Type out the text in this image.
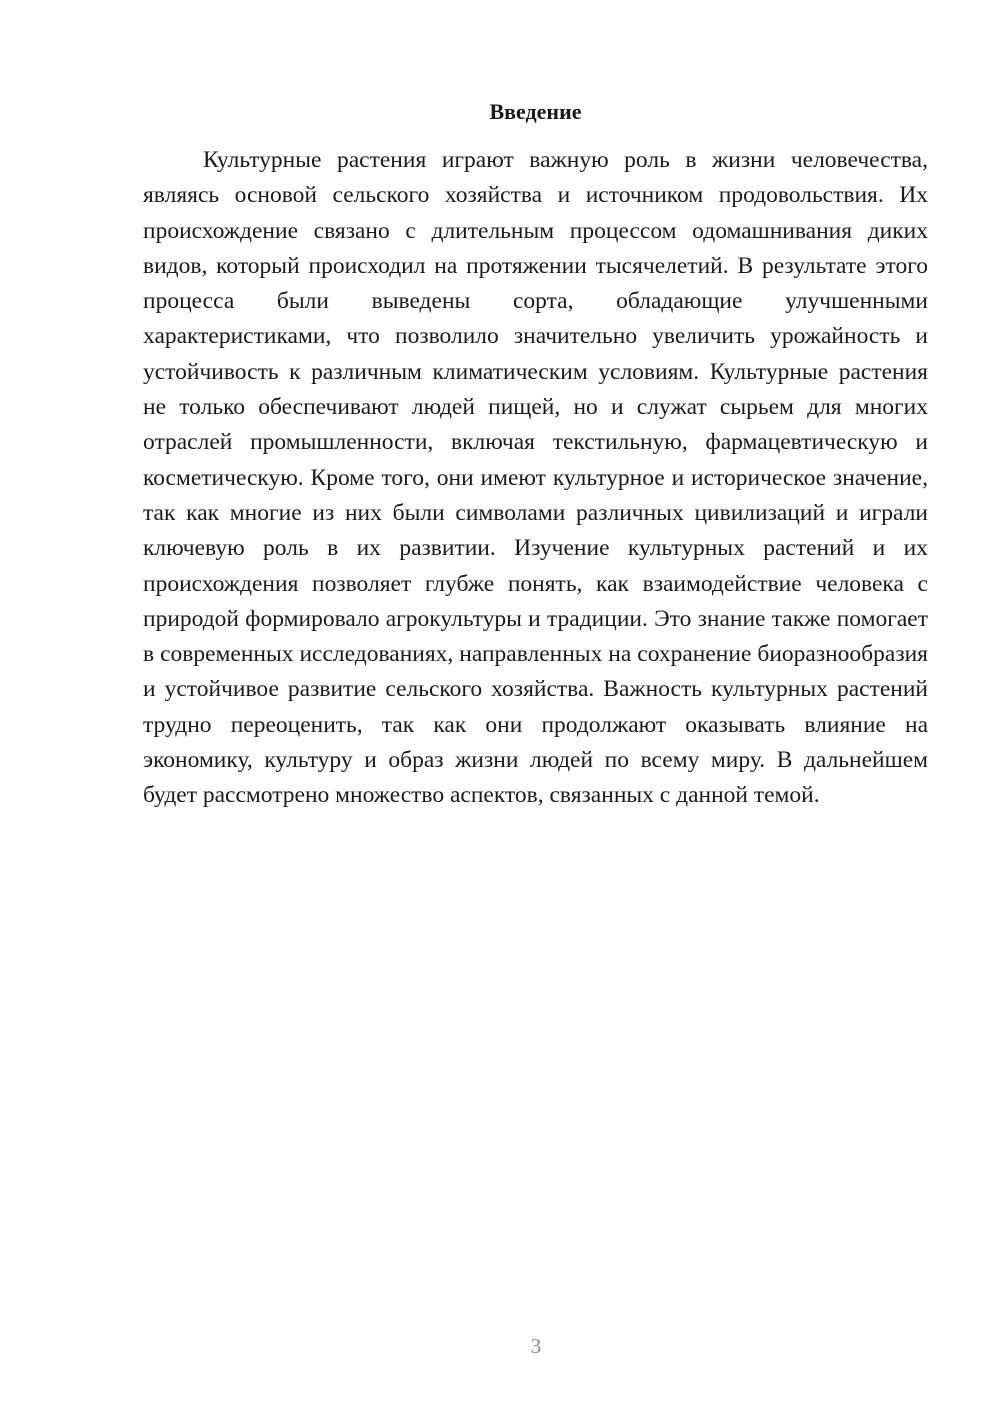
Введение

Культурные растения играют важную роль в жизни человечества, являясь основой сельского хозяйства и источником продовольствия. Их происхождение связано с длительным процессом одомашнивания диких видов, который происходил на протяжении тысячелетий. В результате этого процесса были выведены сорта, обладающие улучшенными характеристиками, что позволило значительно увеличить урожайность и устойчивость к различным климатическим условиям. Культурные растения не только обеспечивают людей пищей, но и служат сырьем для многих отраслей промышленности, включая текстильную, фармацевтическую и косметическую. Кроме того, они имеют культурное и историческое значение, так как многие из них были символами различных цивилизаций и играли ключевую роль в их развитии. Изучение культурных растений и их происхождения позволяет глубже понять, как взаимодействие человека с природой формировало агрокультуры и традиции. Это знание также помогает в современных исследованиях, направленных на сохранение биоразнообразия и устойчивое развитие сельского хозяйства. Важность культурных растений трудно переоценить, так как они продолжают оказывать влияние на экономику, культуру и образ жизни людей по всему миру. В дальнейшем будет рассмотрено множество аспектов, связанных с данной темой.

3
